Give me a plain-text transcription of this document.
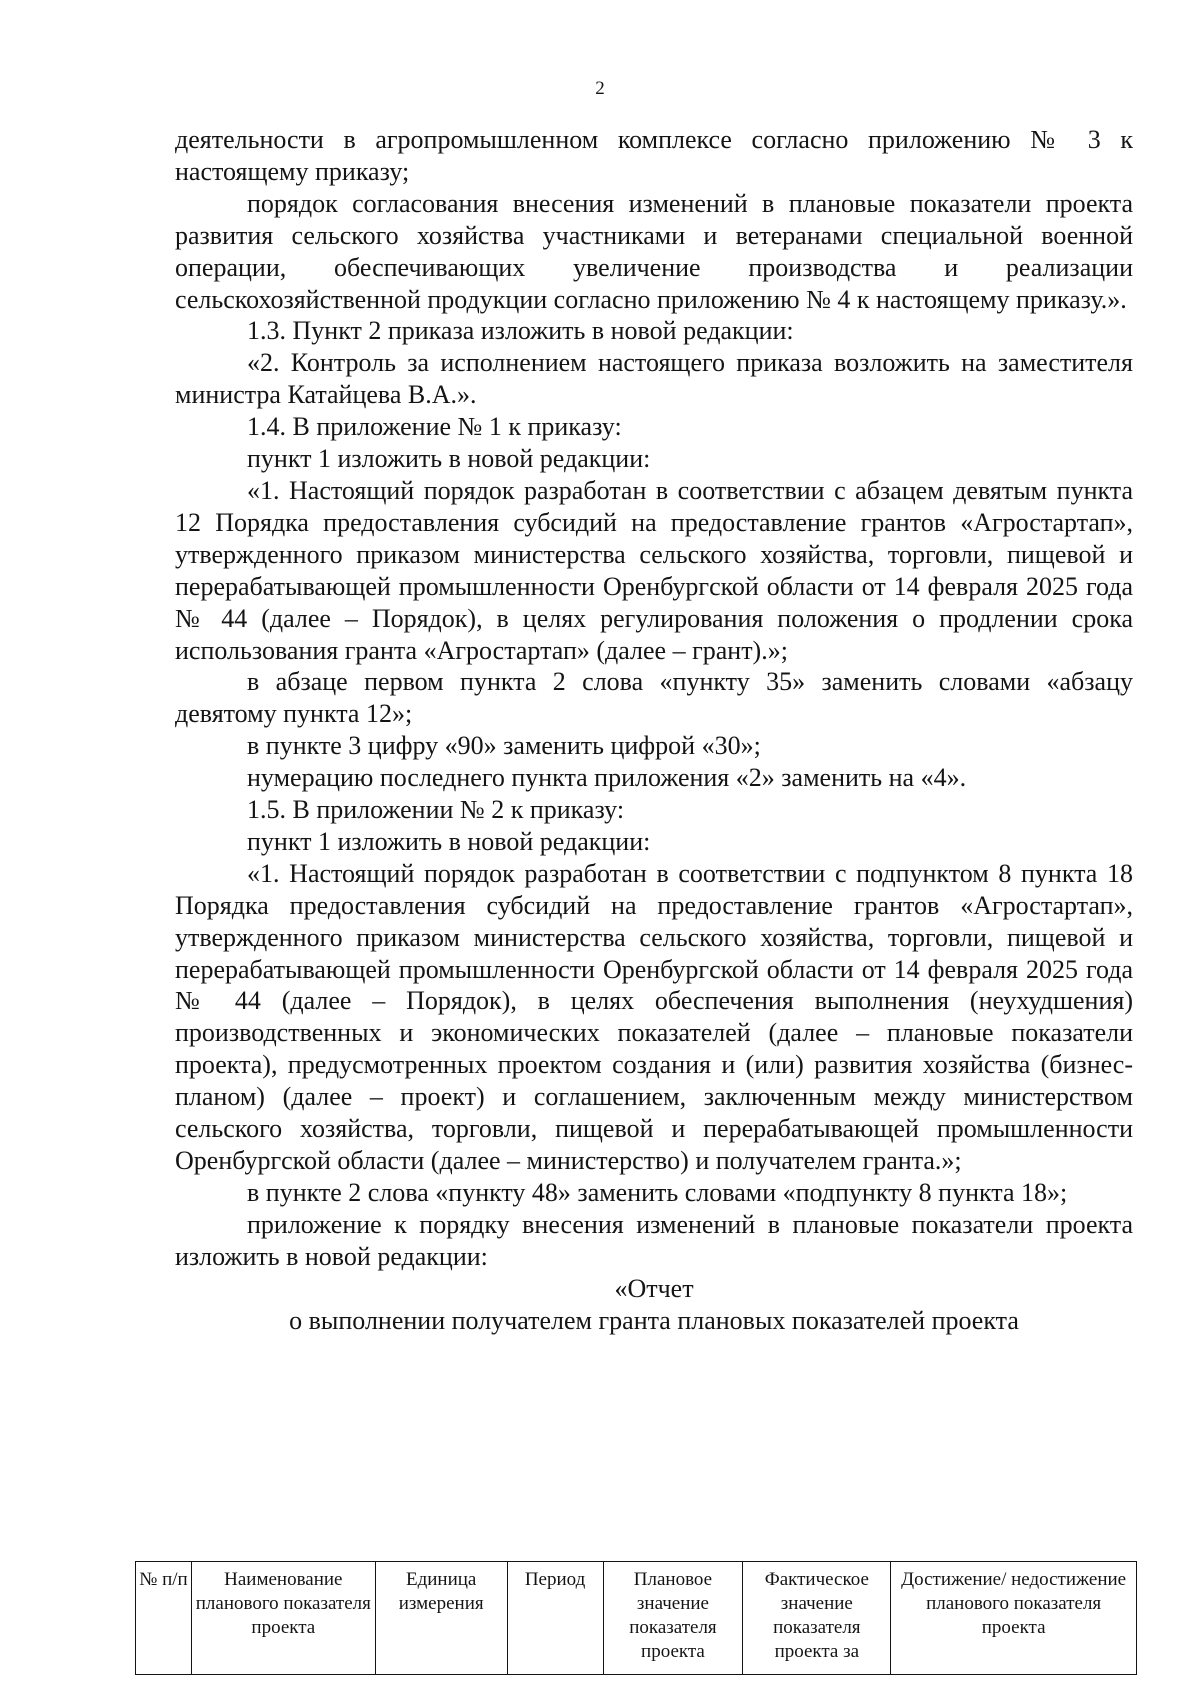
2

деятельности в агропромышленном комплексе согласно приложению № 3 к настоящему приказу;

порядок согласования внесения изменений в плановые показатели проекта развития сельского хозяйства участниками и ветеранами специальной военной операции, обеспечивающих увеличение производства и реализации сельскохозяйственной продукции согласно приложению № 4 к настоящему приказу.».

1.3. Пункт 2 приказа изложить в новой редакции:

«2. Контроль за исполнением настоящего приказа возложить на заместителя министра Катайцева В.А.».

1.4. В приложение № 1 к приказу:

пункт 1 изложить в новой редакции:

«1. Настоящий порядок разработан в соответствии с абзацем девятым пункта 12 Порядка предоставления субсидий на предоставление грантов «Агростартап», утвержденного приказом министерства сельского хозяйства, торговли, пищевой и перерабатывающей промышленности Оренбургской области от 14 февраля 2025 года № 44 (далее – Порядок), в целях регулирования положения о продлении срока использования гранта «Агростартап» (далее – грант).»;

в абзаце первом пункта 2 слова «пункту 35» заменить словами «абзацу девятому пункта 12»;

в пункте 3 цифру «90» заменить цифрой «30»;

нумерацию последнего пункта приложения «2» заменить на «4».

1.5. В приложении № 2 к приказу:

пункт 1 изложить в новой редакции:

«1. Настоящий порядок разработан в соответствии с подпунктом 8 пункта 18 Порядка предоставления субсидий на предоставление грантов «Агростартап», утвержденного приказом министерства сельского хозяйства, торговли, пищевой и перерабатывающей промышленности Оренбургской области от 14 февраля 2025 года № 44 (далее – Порядок), в целях обеспечения выполнения (неухудшения) производственных и экономических показателей (далее – плановые показатели проекта), предусмотренных проектом создания и (или) развития хозяйства (бизнес-планом) (далее – проект) и соглашением, заключенным между министерством сельского хозяйства, торговли, пищевой и перерабатывающей промышленности Оренбургской области (далее – министерство) и получателем гранта.»;

в пункте 2 слова «пункту 48» заменить словами «подпункту 8 пункта 18»;

приложение к порядку внесения изменений в плановые показатели проекта изложить в новой редакции:

«Отчет

о выполнении получателем гранта плановых показателей проекта

№ п/п	Наименование планового показателя проекта	Единица измерения	Период	Плановое значение показателя проекта	Фактическое значение показателя проекта за	Достижение/ недостижение планового показателя проекта
